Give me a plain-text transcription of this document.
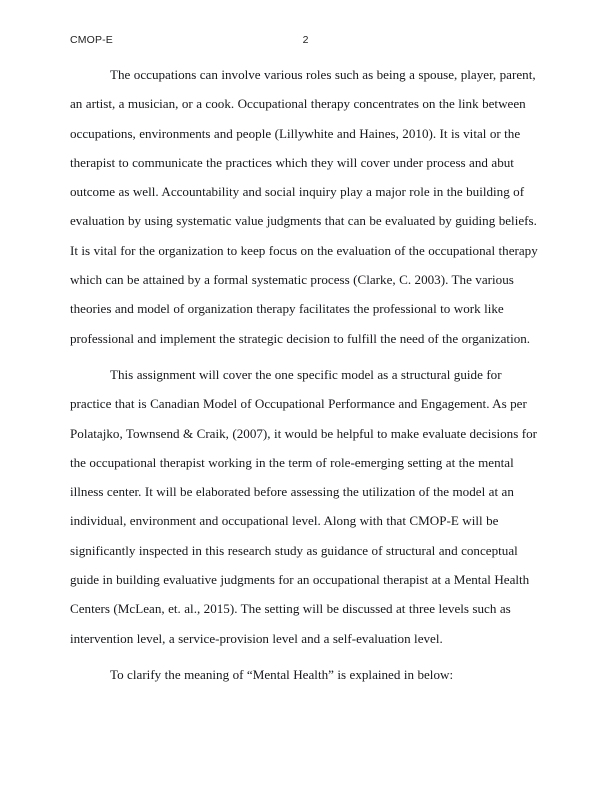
CMOP-E	2

The occupations can involve various roles such as being a spouse, player, parent, an artist, a musician, or a cook. Occupational therapy concentrates on the link between occupations, environments and people (Lillywhite and Haines, 2010). It is vital or the therapist to communicate the practices which they will cover under process and abut outcome as well. Accountability and social inquiry play a major role in the building of evaluation by using systematic value judgments that can be evaluated by guiding beliefs. It is vital for the organization to keep focus on the evaluation of the occupational therapy which can be attained by a formal systematic process (Clarke, C. 2003). The various theories and model of organization therapy facilitates the professional to work like professional and implement the strategic decision to fulfill the need of the organization.

This assignment will cover the one specific model as a structural guide for practice that is Canadian Model of Occupational Performance and Engagement. As per Polatajko, Townsend & Craik, (2007), it would be helpful to make evaluate decisions for the occupational therapist working in the term of role-emerging setting at the mental illness center. It will be elaborated before assessing the utilization of the model at an individual, environment and occupational level. Along with that CMOP-E will be significantly inspected in this research study as guidance of structural and conceptual guide in building evaluative judgments for an occupational therapist at a Mental Health Centers (McLean, et. al., 2015). The setting will be discussed at three levels such as intervention level, a service-provision level and a self-evaluation level.

To clarify the meaning of “Mental Health” is explained in below:
